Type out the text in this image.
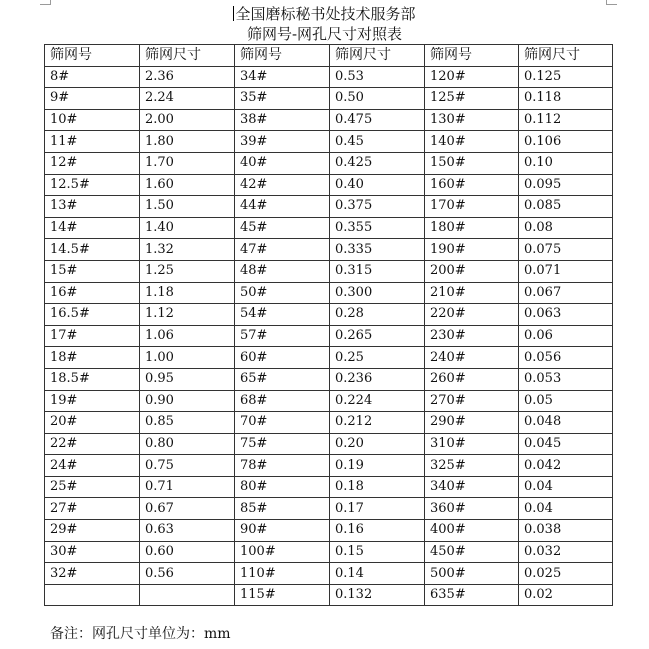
全国磨标秘书处技术服务部
筛网号-网孔尺寸对照表
筛网号	筛网尺寸	筛网号	筛网尺寸	筛网号	筛网尺寸
8#	2.36	34#	0.53	120#	0.125
9#	2.24	35#	0.50	125#	0.118
10#	2.00	38#	0.475	130#	0.112
11#	1.80	39#	0.45	140#	0.106
12#	1.70	40#	0.425	150#	0.10
12.5#	1.60	42#	0.40	160#	0.095
13#	1.50	44#	0.375	170#	0.085
14#	1.40	45#	0.355	180#	0.08
14.5#	1.32	47#	0.335	190#	0.075
15#	1.25	48#	0.315	200#	0.071
16#	1.18	50#	0.300	210#	0.067
16.5#	1.12	54#	0.28	220#	0.063
17#	1.06	57#	0.265	230#	0.06
18#	1.00	60#	0.25	240#	0.056
18.5#	0.95	65#	0.236	260#	0.053
19#	0.90	68#	0.224	270#	0.05
20#	0.85	70#	0.212	290#	0.048
22#	0.80	75#	0.20	310#	0.045
24#	0.75	78#	0.19	325#	0.042
25#	0.71	80#	0.18	340#	0.04
27#	0.67	85#	0.17	360#	0.04
29#	0.63	90#	0.16	400#	0.038
30#	0.60	100#	0.15	450#	0.032
32#	0.56	110#	0.14	500#	0.025
		115#	0.132	635#	0.02
备注：网孔尺寸单位为：mm
